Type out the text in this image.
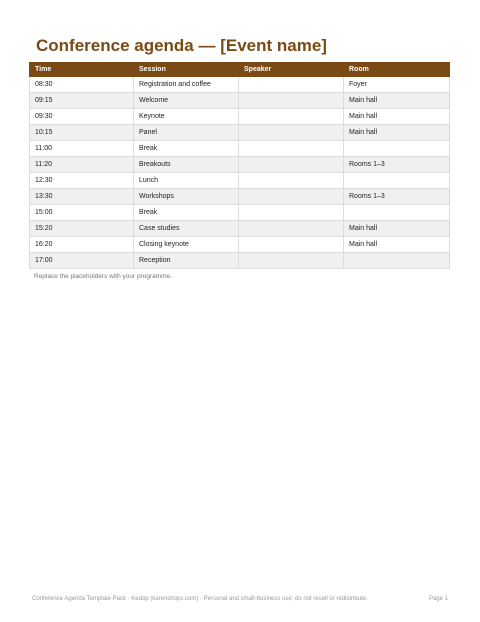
Conference agenda — [Event name]
Time	Session	Speaker	Room
08:30	Registration and coffee		Foyer
09:15	Welcome		Main hall
09:30	Keynote		Main hall
10:15	Panel		Main hall
11:00	Break		
11:20	Breakouts		Rooms 1–3
12:30	Lunch		
13:30	Workshops		Rooms 1–3
15:00	Break		
15:20	Case studies		Main hall
16:20	Closing keynote		Main hall
17:00	Reception		
Replace the placeholders with your programme.
Conference Agenda Template Pack · Kedop (karenshops.com) · Personal and small-business use; do not resell or redistribute.	Page 1
